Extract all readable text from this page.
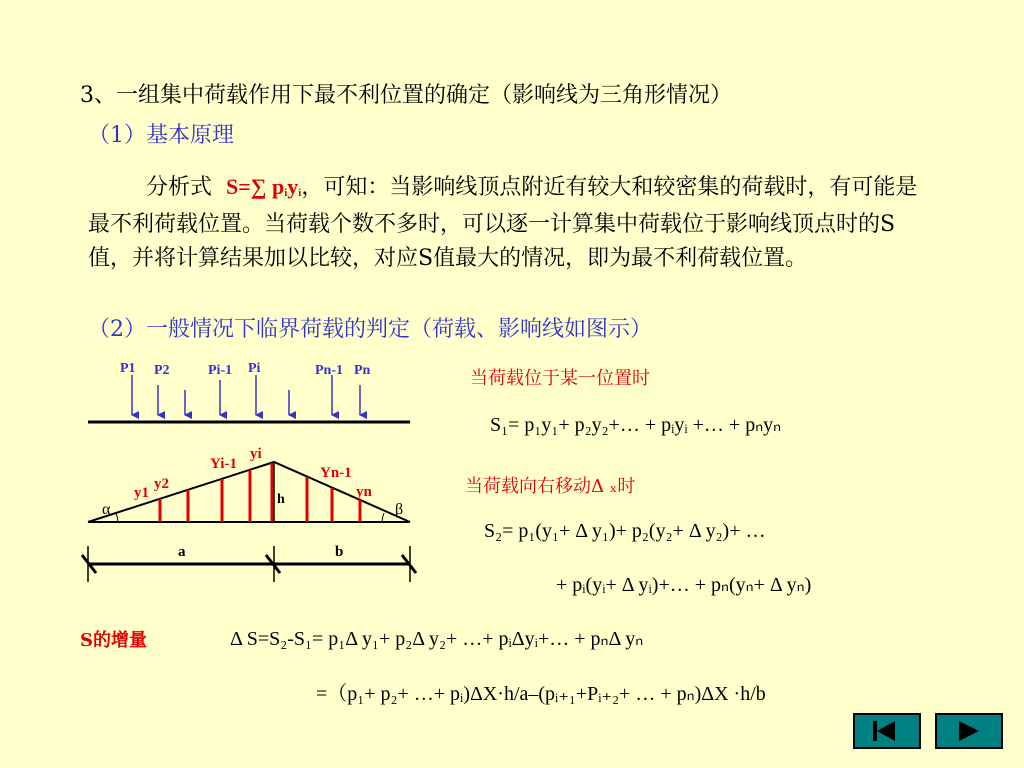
3、一组集中荷载作用下最不利位置的确定（影响线为三角形情况）
（1）基本原理
分析式 S=∑ $p_iy_i$，可知：当影响线顶点附近有较大和较密集的荷载时，有可能是最不利荷载位置。当荷载个数不多时，可以逐一计算集中荷载位于影响线顶点时的S值，并将计算结果加以比较，对应S值最大的情况，即为最不利荷载位置。
（2）一般情况下临界荷载的判定（荷载、影响线如图示）
P1 P2	Pi-1 Pi	Pn-1 Pn
y1
y2
Yi-1
yi
Yn-1
yn
h
α	β
a	b
当荷载位于某一位置时
S₁= p₁y₁+ p₂y₂+… + pᵢyᵢ +… + pₙyₙ
当荷载向右移动Δ ₓ时
S₂= p₁(y₁+ Δ y₁)+ p₂(y₂+ Δ y₂)+ …
+ pᵢ(yᵢ+ Δ yᵢ)+… + pₙ(yₙ+ Δ yₙ)
S的增量	Δ S=S₂-S₁= p₁Δ y₁+ p₂Δ y₂+ …+ pᵢΔyᵢ+… + pₙΔ yₙ
=（p₁+ p₂+ …+ pᵢ)ΔX·h/a–(pᵢ₊₁+Pᵢ₊₂+ … + pₙ)ΔX ·h/b
